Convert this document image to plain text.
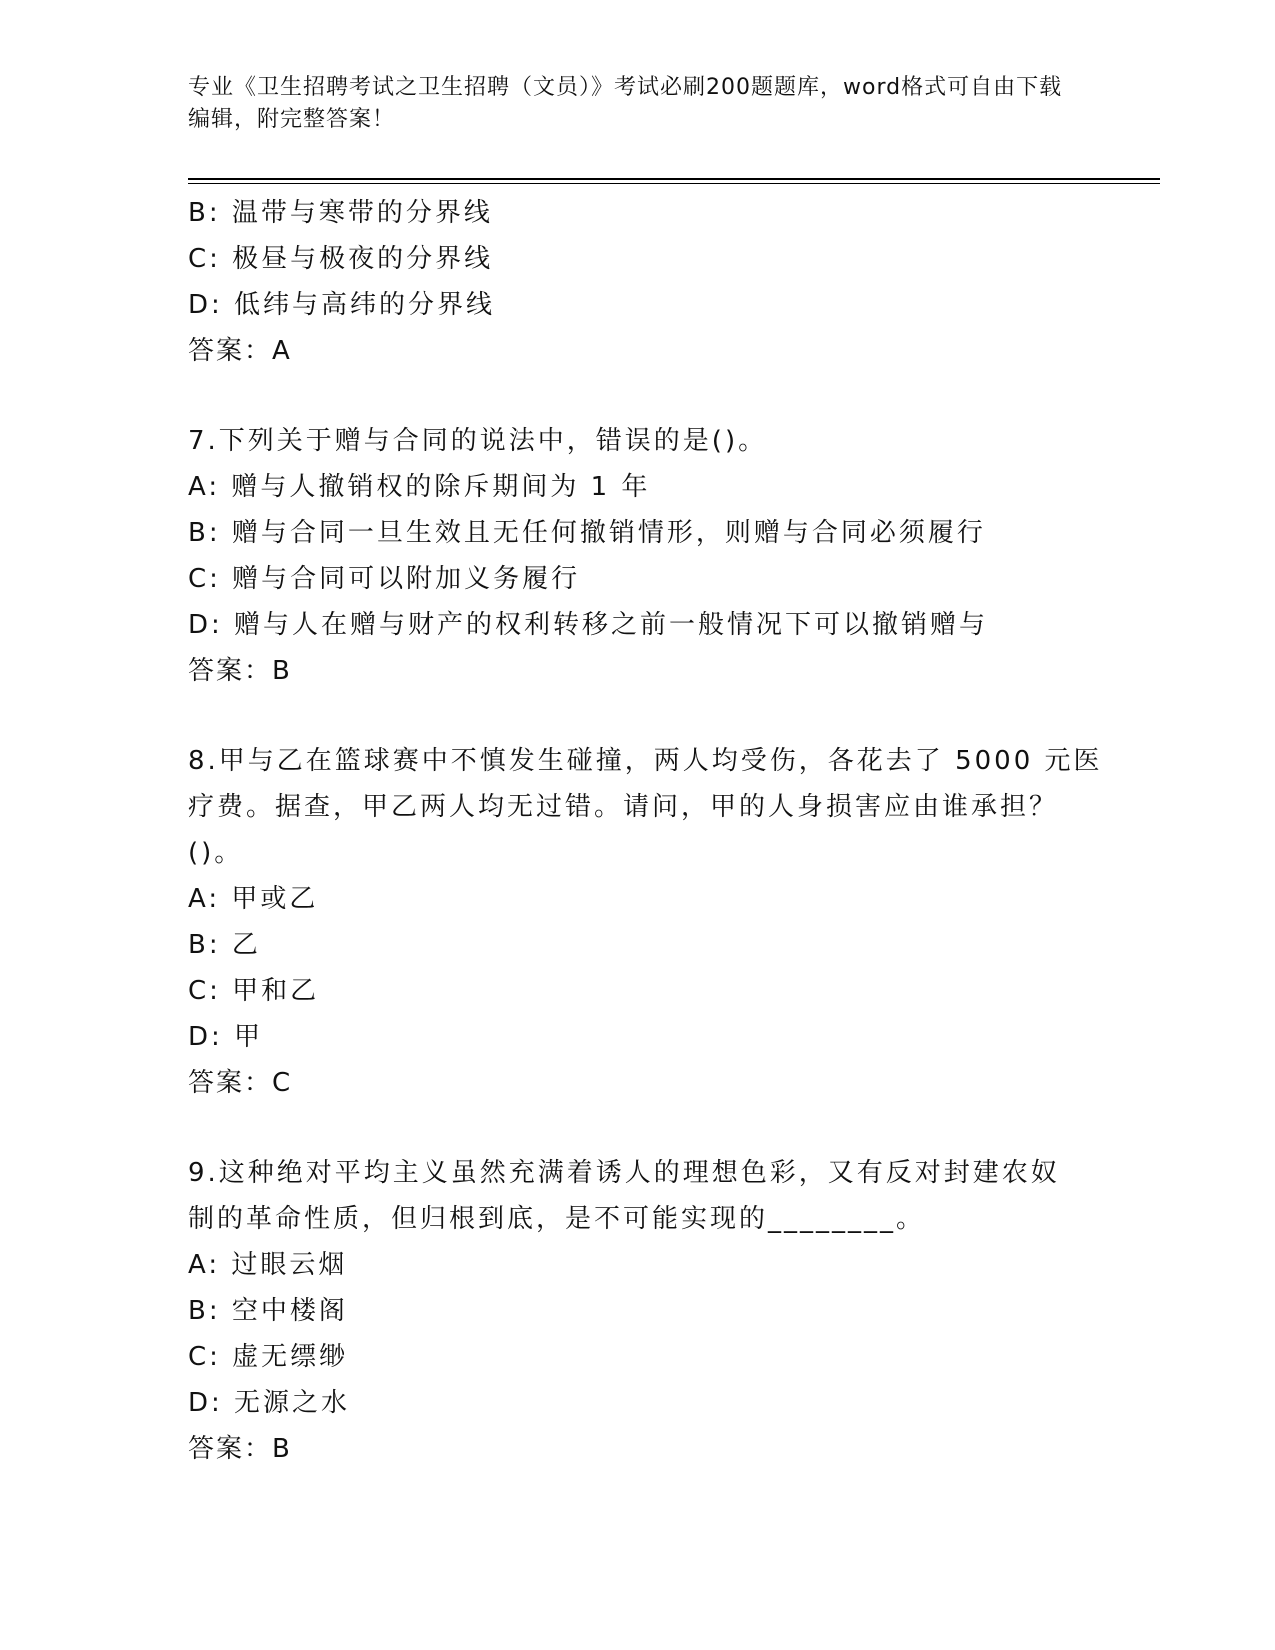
专业《卫生招聘考试之卫生招聘（文员）》考试必刷200题题库，word格式可自由下载编辑，附完整答案！
B: 温带与寒带的分界线
C: 极昼与极夜的分界线
D: 低纬与高纬的分界线
答案：A
7.下列关于赠与合同的说法中，错误的是()。
A: 赠与人撤销权的除斥期间为 1 年
B: 赠与合同一旦生效且无任何撤销情形，则赠与合同必须履行
C: 赠与合同可以附加义务履行
D: 赠与人在赠与财产的权利转移之前一般情况下可以撤销赠与
答案：B
8.甲与乙在篮球赛中不慎发生碰撞，两人均受伤，各花去了 5000 元医
疗费。据查，甲乙两人均无过错。请问，甲的人身损害应由谁承担？
()。
A: 甲或乙
B: 乙
C: 甲和乙
D: 甲
答案：C
9.这种绝对平均主义虽然充满着诱人的理想色彩，又有反对封建农奴
制的革命性质，但归根到底，是不可能实现的________。
A: 过眼云烟
B: 空中楼阁
C: 虚无缥缈
D: 无源之水
答案：B
